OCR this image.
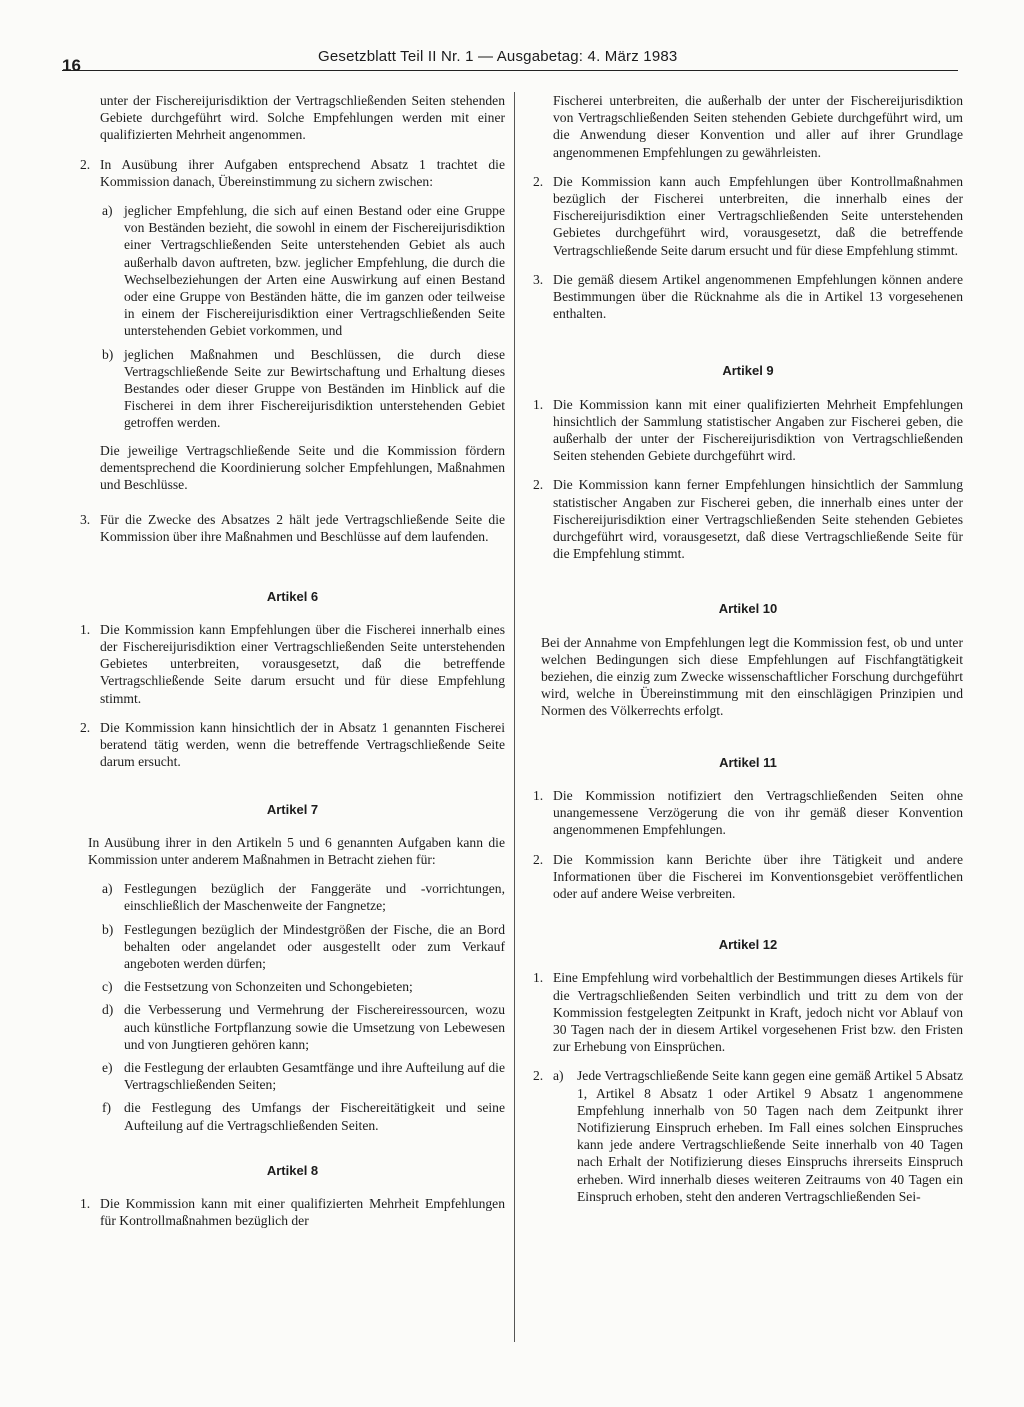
16	Gesetzblatt Teil II Nr. 1 — Ausgabetag: 4. März 1983

unter der Fischereijurisdiktion der Vertragschließenden Seiten stehenden Gebiete durchgeführt wird. Solche Empfehlungen werden mit einer qualifizierten Mehrheit angenommen.

2. In Ausübung ihrer Aufgaben entsprechend Absatz 1 trachtet die Kommission danach, Übereinstimmung zu sichern zwischen:

a) jeglicher Empfehlung, die sich auf einen Bestand oder eine Gruppe von Beständen bezieht, die sowohl in einem der Fischereijurisdiktion einer Vertragschließenden Seite unterstehenden Gebiet als auch außerhalb davon auftreten, bzw. jeglicher Empfehlung, die durch die Wechselbeziehungen der Arten eine Auswirkung auf einen Bestand oder eine Gruppe von Beständen hätte, die im ganzen oder teilweise in einem der Fischereijurisdiktion einer Vertragschließenden Seite unterstehenden Gebiet vorkommen, und

b) jeglichen Maßnahmen und Beschlüssen, die durch diese Vertragschließende Seite zur Bewirtschaftung und Erhaltung dieses Bestandes oder dieser Gruppe von Beständen im Hinblick auf die Fischerei in dem ihrer Fischereijurisdiktion unterstehenden Gebiet getroffen werden.

Die jeweilige Vertragschließende Seite und die Kommission fördern dementsprechend die Koordinierung solcher Empfehlungen, Maßnahmen und Beschlüsse.

3. Für die Zwecke des Absatzes 2 hält jede Vertragschließende Seite die Kommission über ihre Maßnahmen und Beschlüsse auf dem laufenden.

Artikel 6
1. Die Kommission kann Empfehlungen über die Fischerei innerhalb eines der Fischereijurisdiktion einer Vertragschließenden Seite unterstehenden Gebietes unterbreiten, vorausgesetzt, daß die betreffende Vertragschließende Seite darum ersucht und für diese Empfehlung stimmt.

2. Die Kommission kann hinsichtlich der in Absatz 1 genannten Fischerei beratend tätig werden, wenn die betreffende Vertragschließende Seite darum ersucht.

Artikel 7

In Ausübung ihrer in den Artikeln 5 und 6 genannten Aufgaben kann die Kommission unter anderem Maßnahmen in Betracht ziehen für:

a) Festlegungen bezüglich der Fanggeräte und -vorrichtungen, einschließlich der Maschenweite der Fangnetze;

b) Festlegungen bezüglich der Mindestgrößen der Fische, die an Bord behalten oder angelandet oder ausgestellt oder zum Verkauf angeboten werden dürfen;

c) die Festsetzung von Schonzeiten und Schongebieten;

d) die Verbesserung und Vermehrung der Fischereiressourcen, wozu auch künstliche Fortpflanzung sowie die Umsetzung von Lebewesen und von Jungtieren gehören kann;

e) die Festlegung der erlaubten Gesamtfänge und ihre Aufteilung auf die Vertragschließenden Seiten;

f) die Festlegung des Umfangs der Fischereitätigkeit und seine Aufteilung auf die Vertragschließenden Seiten.

Artikel 8
1. Die Kommission kann mit einer qualifizierten Mehrheit Empfehlungen für Kontrollmaßnahmen bezüglich der

Fischerei unterbreiten, die außerhalb der unter der Fischereijurisdiktion von Vertragschließenden Seiten stehenden Gebiete durchgeführt wird, um die Anwendung dieser Konvention und aller auf ihrer Grundlage angenommenen Empfehlungen zu gewährleisten.

2. Die Kommission kann auch Empfehlungen über Kontrollmaßnahmen bezüglich der Fischerei unterbreiten, die innerhalb eines der Fischereijurisdiktion einer Vertragschließenden Seite unterstehenden Gebietes durchgeführt wird, vorausgesetzt, daß die betreffende Vertragschließende Seite darum ersucht und für diese Empfehlung stimmt.

3. Die gemäß diesem Artikel angenommenen Empfehlungen können andere Bestimmungen über die Rücknahme als die in Artikel 13 vorgesehenen enthalten.

Artikel 9
1. Die Kommission kann mit einer qualifizierten Mehrheit Empfehlungen hinsichtlich der Sammlung statistischer Angaben zur Fischerei geben, die außerhalb der unter der Fischereijurisdiktion von Vertragschließenden Seiten stehenden Gebiete durchgeführt wird.

2. Die Kommission kann ferner Empfehlungen hinsichtlich der Sammlung statistischer Angaben zur Fischerei geben, die innerhalb eines unter der Fischereijurisdiktion einer Vertragschließenden Seite stehenden Gebietes durchgeführt wird, vorausgesetzt, daß diese Vertragschließende Seite für die Empfehlung stimmt.

Artikel 10

Bei der Annahme von Empfehlungen legt die Kommission fest, ob und unter welchen Bedingungen sich diese Empfehlungen auf Fischfangtätigkeit beziehen, die einzig zum Zwecke wissenschaftlicher Forschung durchgeführt wird, welche in Übereinstimmung mit den einschlägigen Prinzipien und Normen des Völkerrechts erfolgt.

Artikel 11
1. Die Kommission notifiziert den Vertragschließenden Seiten ohne unangemessene Verzögerung die von ihr gemäß dieser Konvention angenommenen Empfehlungen.

2. Die Kommission kann Berichte über ihre Tätigkeit und andere Informationen über die Fischerei im Konventionsgebiet veröffentlichen oder auf andere Weise verbreiten.

Artikel 12
1. Eine Empfehlung wird vorbehaltlich der Bestimmungen dieses Artikels für die Vertragschließenden Seiten verbindlich und tritt zu dem von der Kommission festgelegten Zeitpunkt in Kraft, jedoch nicht vor Ablauf von 30 Tagen nach der in diesem Artikel vorgesehenen Frist bzw. den Fristen zur Erhebung von Einsprüchen.

2. a) Jede Vertragschließende Seite kann gegen eine gemäß Artikel 5 Absatz 1, Artikel 8 Absatz 1 oder Artikel 9 Absatz 1 angenommene Empfehlung innerhalb von 50 Tagen nach dem Zeitpunkt ihrer Notifizierung Einspruch erheben. Im Fall eines solchen Einspruches kann jede andere Vertragschließende Seite innerhalb von 40 Tagen nach Erhalt der Notifizierung dieses Einspruchs ihrerseits Einspruch erheben. Wird innerhalb dieses weiteren Zeitraums von 40 Tagen ein Einspruch erhoben, steht den anderen Vertragschließenden Sei-
